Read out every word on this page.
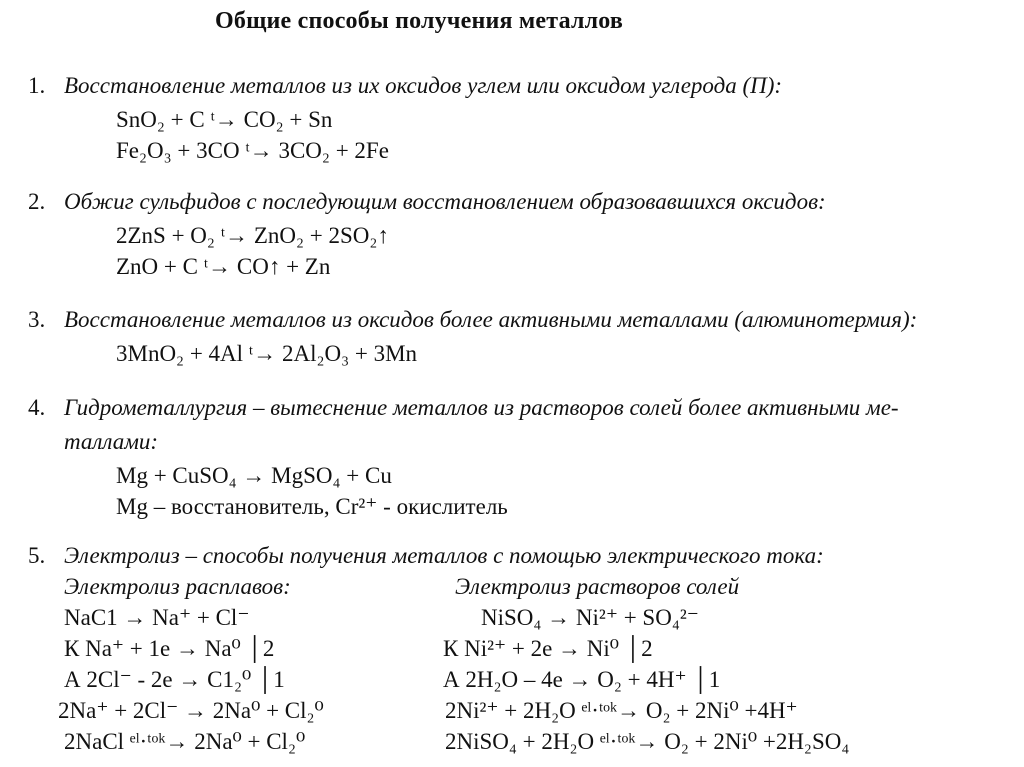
Общие способы получения металлов
1. Восстановление металлов из их оксидов углем или оксидом углерода (П):
SnO₂ + C ᵗ→ CO₂ + Sn
Fe₂O₃ + 3CO ᵗ→ 3CO₂ + 2Fe
2. Обжиг сульфидов с последующим восстановлением образовавшихся оксидов:
2ZnS + O₂ ᵗ→ ZnO₂ + 2SO₂↑
ZnO + C ᵗ→ CO↑ + Zn
3. Восстановление металлов из оксидов более активными металлами (алюминотермия):
3MnO₂ + 4Al ᵗ→ 2Al₂O₃ + 3Mn
4. Гидрометаллургия – вытеснение металлов из растворов солей более активными ме-
таллами:
Mg + CuSO₄ → MgSO₄ + Cu
Mg – восстановитель, Cr²⁺ - окислитель
5. Электролиз – способы получения металлов с помощью электрического тока:
Электролиз расплавов:
NaC1 → Na⁺ + Cl⁻
К Na⁺ + 1e → Na⁰ │2
А 2Cl⁻ - 2e → C1₂⁰ │1
2Na⁺ + 2Cl⁻ → 2Na⁰ + Cl₂⁰
2NaCl ᵉˡ·ᵗᵒᵏ→ 2Na⁰ + Cl₂⁰
Электролиз растворов солей
NiSO₄ → Ni²⁺ + SO₄²⁻
К Ni²⁺ + 2e → Ni⁰ │2
А 2H₂O – 4e → O₂ + 4H⁺ │1
2Ni²⁺ + 2H₂O ᵉˡ·ᵗᵒᵏ→ O₂ + 2Ni⁰ +4H⁺
2NiSO₄ + 2H₂O ᵉˡ·ᵗᵒᵏ→ O₂ + 2Ni⁰ +2H₂SO₄
